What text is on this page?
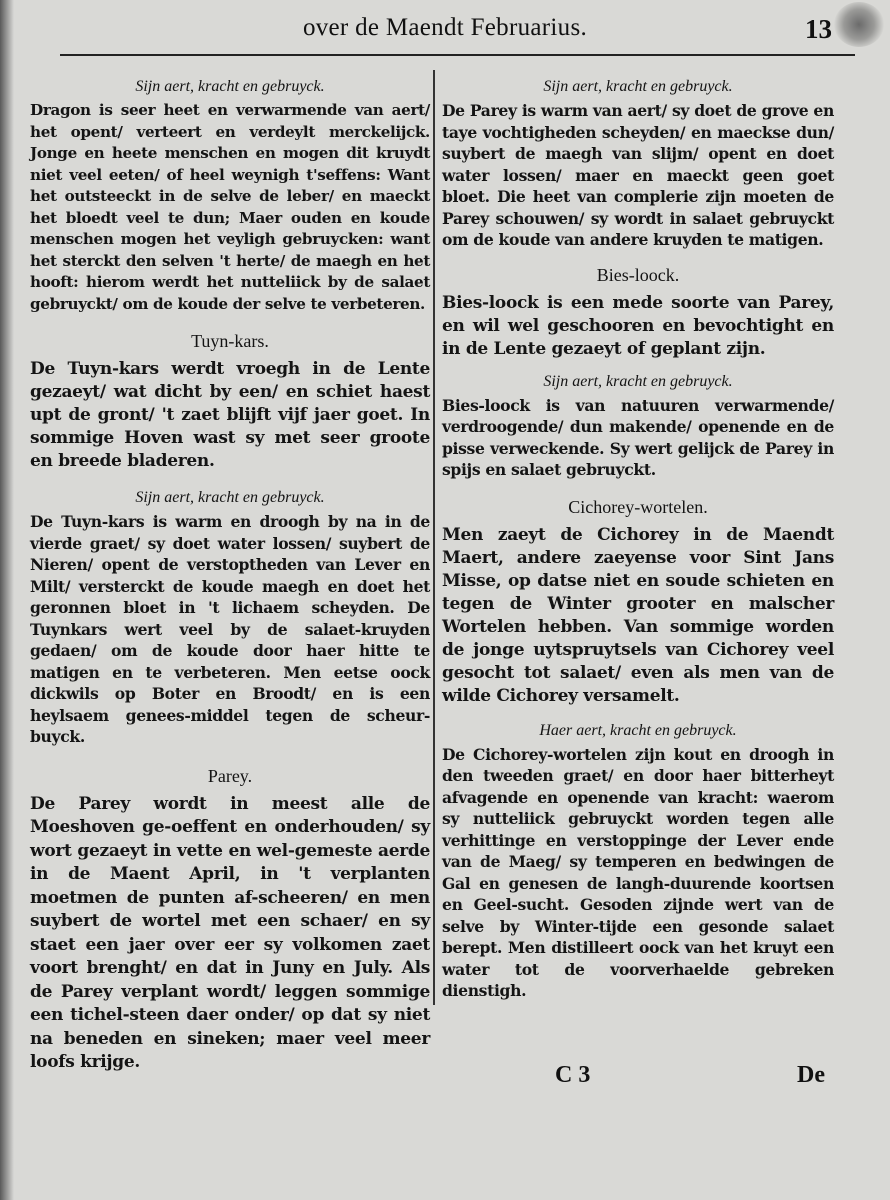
over de Maendt Februarius.	13
Sijn aert, kracht en gebruyck.

Dragon is seer heet en verwarmende van aert/ het opent/ verteert en verdeylt merckelijck. Jonge en heete menschen en mogen dit kruydt niet veel eeten/ of heel weynigh t'seffens: Want het outsteeckt in de selve de leber/ en maeckt het bloedt veel te dun; Maer ouden en koude menschen mogen het veyligh gebruycken: want het sterckt den selven 't herte/ de maegh en het hooft: hierom werdt het nutteliick by de salaet gebruyckt/ om de koude der selve te verbeteren.

Tuyn-kars.

De Tuyn-kars werdt vroegh in de Lente gezaeyt/ wat dicht by een/ en schiet haest upt de gront/ 't zaet blijft vijf jaer goet. In sommige Hoven wast sy met seer groote en breede bladeren.

Sijn aert, kracht en gebruyck.

De Tuyn-kars is warm en droogh by na in de vierde graet/ sy doet water lossen/ suybert de Nieren/ opent de verstoptheden van Lever en Milt/ versterckt de koude maegh en doet het geronnen bloet in 't lichaem scheyden. De Tuynkars wert veel by de salaet-kruyden gedaen/ om de koude door haer hitte te matigen en te verbeteren. Men eetse oock dickwils op Boter en Broodt/ en is een heylsaem genees-middel tegen de scheur-buyck.

Parey.

De Parey wordt in meest alle de Moeshoven ge-oeffent en onderhouden/ sy wort gezaeyt in vette en wel-gemeste aerde in de Maent April, in 't verplanten moetmen de punten af-scheeren/ en men suybert de wortel met een schaer/ en sy staet een jaer over eer sy volkomen zaet voort brenght/ en dat in Juny en July. Als de Parey verplant wordt/ leggen sommige een tichel-steen daer onder/ op dat sy niet na beneden en sineken; maer veel meer loofs krijge.

Sijn aert, kracht en gebruyck.

De Parey is warm van aert/ sy doet de grove en taye vochtigheden scheyden/ en maeckse dun/ suybert de maegh van slijm/ opent en doet water lossen/ maer en maeckt geen goet bloet. Die heet van complerie zijn moeten de Parey schouwen/ sy wordt in salaet gebruyckt om de koude van andere kruyden te matigen.

Bies-loock.

Bies-loock is een mede soorte van Parey, en wil wel geschooren en bevochtight en in de Lente gezaeyt of geplant zijn.

Sijn aert, kracht en gebruyck.

Bies-loock is van natuuren verwarmende/ verdroogende/ dun makende/ openende en de pisse verweckende. Sy wert gelijck de Parey in spijs en salaet gebruyckt.

Cichorey-wortelen.

Men zaeyt de Cichorey in de Maendt Maert, andere zaeyense voor Sint Jans Misse, op datse niet en soude schieten en tegen de Winter grooter en malscher Wortelen hebben. Van sommige worden de jonge uytspruytsels van Cichorey veel gesocht tot salaet/ even als men van de wilde Cichorey versamelt.

Haer aert, kracht en gebruyck.

De Cichorey-wortelen zijn kout en droogh in den tweeden graet/ en door haer bitterheyt afvagende en openende van kracht: waerom sy nutteliick gebruyckt worden tegen alle verhittinge en verstoppinge der Lever ende van de Maeg/ sy temperen en bedwingen de Gal en genesen de langh-duurende koortsen en Geel-sucht. Gesoden zijnde wert van de selve by Winter-tijde een gesonde salaet berept. Men distilleert oock van het kruyt een water tot de voorverhaelde gebreken dienstigh.

C 3	De
